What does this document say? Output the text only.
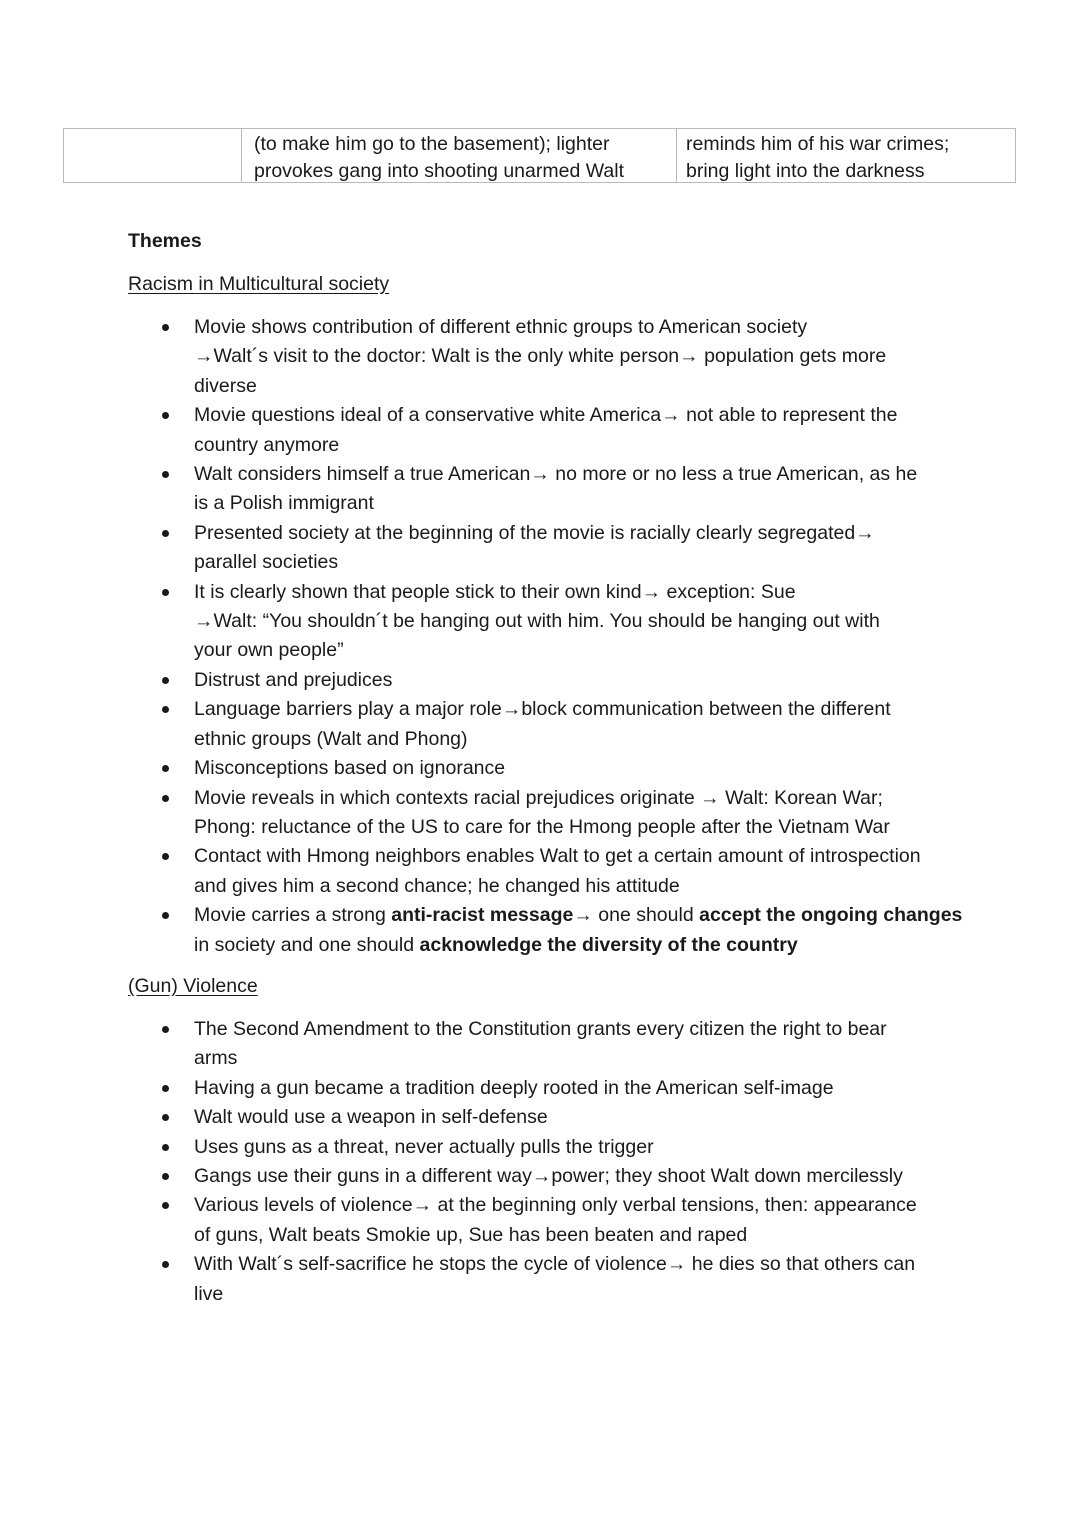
(to make him go to the basement); lighter
provokes gang into shooting unarmed Walt
reminds him of his war crimes;
bring light into the darkness
Themes
Racism in Multicultural society
Movie shows contribution of different ethnic groups to American society
→Walt´s visit to the doctor: Walt is the only white person→ population gets more
diverse
Movie questions ideal of a conservative white America→ not able to represent the
country anymore
Walt considers himself a true American→ no more or no less a true American, as he
is a Polish immigrant
Presented society at the beginning of the movie is racially clearly segregated→
parallel societies
It is clearly shown that people stick to their own kind→ exception: Sue
→Walt: “You shouldn´t be hanging out with him. You should be hanging out with
your own people”
Distrust and prejudices
Language barriers play a major role→block communication between the different
ethnic groups (Walt and Phong)
Misconceptions based on ignorance
Movie reveals in which contexts racial prejudices originate → Walt: Korean War;
Phong: reluctance of the US to care for the Hmong people after the Vietnam War
Contact with Hmong neighbors enables Walt to get a certain amount of introspection
and gives him a second chance; he changed his attitude
Movie carries a strong anti-racist message→ one should accept the ongoing changes
in society and one should acknowledge the diversity of the country
(Gun) Violence
The Second Amendment to the Constitution grants every citizen the right to bear
arms
Having a gun became a tradition deeply rooted in the American self-image
Walt would use a weapon in self-defense
Uses guns as a threat, never actually pulls the trigger
Gangs use their guns in a different way→power; they shoot Walt down mercilessly
Various levels of violence→ at the beginning only verbal tensions, then: appearance
of guns, Walt beats Smokie up, Sue has been beaten and raped
With Walt´s self-sacrifice he stops the cycle of violence→ he dies so that others can
live
